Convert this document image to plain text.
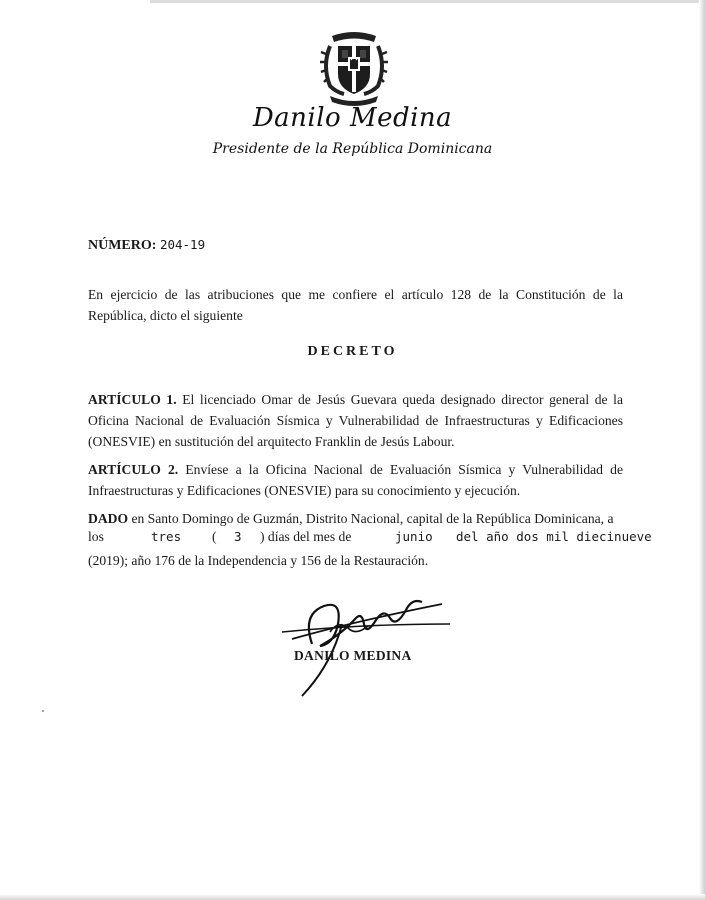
Danilo Medina
Presidente de la República Dominicana
NÚMERO: 204-19
En ejercicio de las atribuciones que me confiere el artículo 128 de la Constitución de la República, dicto el siguiente
DECRETO
ARTÍCULO 1. El licenciado Omar de Jesús Guevara queda designado director general de la Oficina Nacional de Evaluación Sísmica y Vulnerabilidad de Infraestructuras y Edificaciones (ONESVIE) en sustitución del arquitecto Franklin de Jesús Labour.
ARTÍCULO 2. Envíese a la Oficina Nacional de Evaluación Sísmica y Vulnerabilidad de Infraestructuras y Edificaciones (ONESVIE) para su conocimiento y ejecución.
DADO en Santo Domingo de Guzmán, Distrito Nacional, capital de la República Dominicana, a
los	tres ( 3 ) días del mes de	junio del año dos mil diecinueve
(2019); año 176 de la Independencia y 156 de la Restauración.
DANILO MEDINA
